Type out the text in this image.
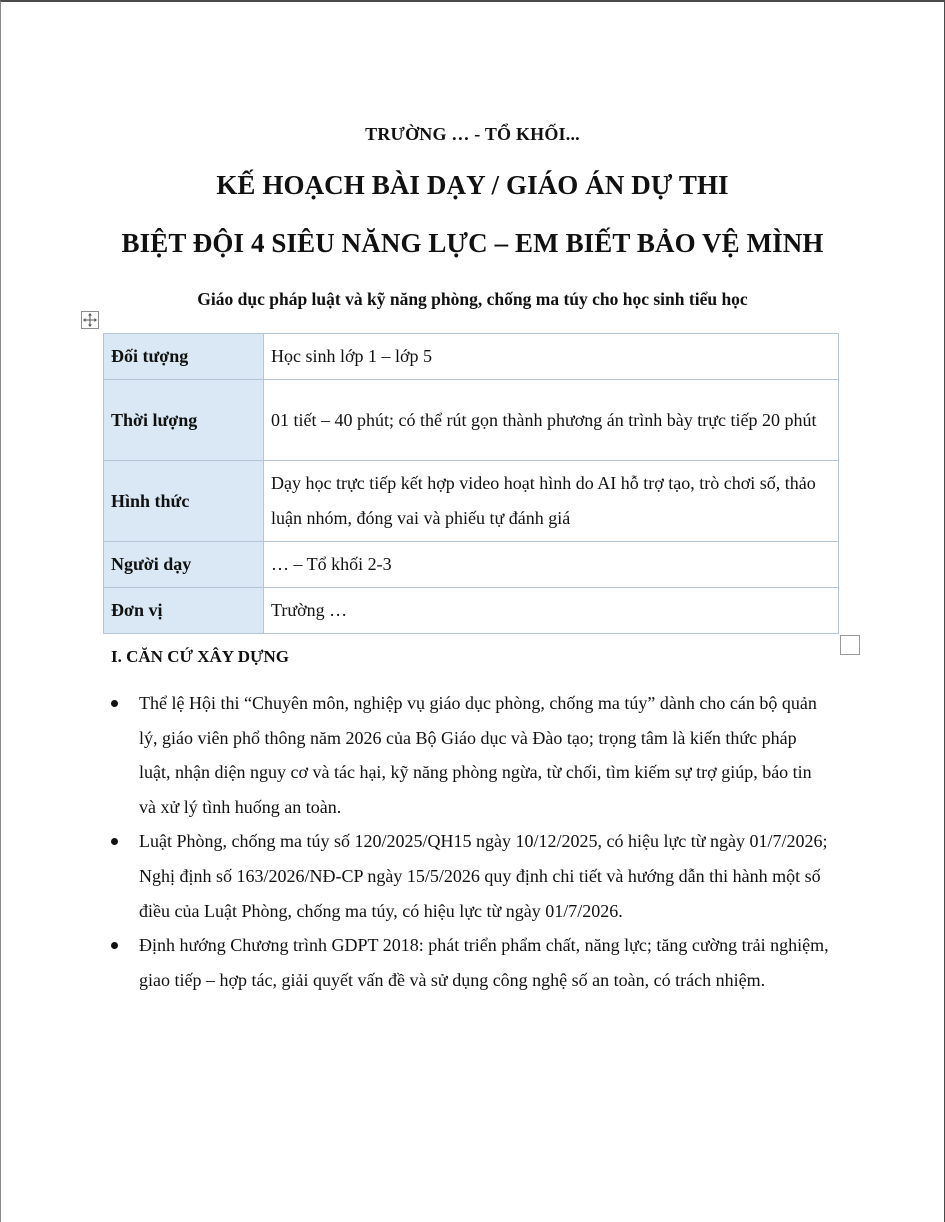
TRƯỜNG … - TỔ KHỐI...
KẾ HOẠCH BÀI DẠY / GIÁO ÁN DỰ THI
BIỆT ĐỘI 4 SIÊU NĂNG LỰC – EM BIẾT BẢO VỆ MÌNH
Giáo dục pháp luật và kỹ năng phòng, chống ma túy cho học sinh tiểu học
Đối tượng	Học sinh lớp 1 – lớp 5
Thời lượng	01 tiết – 40 phút; có thể rút gọn thành phương án trình bày trực tiếp 20 phút
Hình thức	Dạy học trực tiếp kết hợp video hoạt hình do AI hỗ trợ tạo, trò chơi số, thảo luận nhóm, đóng vai và phiếu tự đánh giá
Người dạy	… – Tổ khối 2-3
Đơn vị	Trường …
I. CĂN CỨ XÂY DỰNG
Thể lệ Hội thi “Chuyên môn, nghiệp vụ giáo dục phòng, chống ma túy” dành cho cán bộ quản lý, giáo viên phổ thông năm 2026 của Bộ Giáo dục và Đào tạo; trọng tâm là kiến thức pháp luật, nhận diện nguy cơ và tác hại, kỹ năng phòng ngừa, từ chối, tìm kiếm sự trợ giúp, báo tin và xử lý tình huống an toàn.
Luật Phòng, chống ma túy số 120/2025/QH15 ngày 10/12/2025, có hiệu lực từ ngày 01/7/2026; Nghị định số 163/2026/NĐ-CP ngày 15/5/2026 quy định chi tiết và hướng dẫn thi hành một số điều của Luật Phòng, chống ma túy, có hiệu lực từ ngày 01/7/2026.
Định hướng Chương trình GDPT 2018: phát triển phẩm chất, năng lực; tăng cường trải nghiệm, giao tiếp – hợp tác, giải quyết vấn đề và sử dụng công nghệ số an toàn, có trách nhiệm.
